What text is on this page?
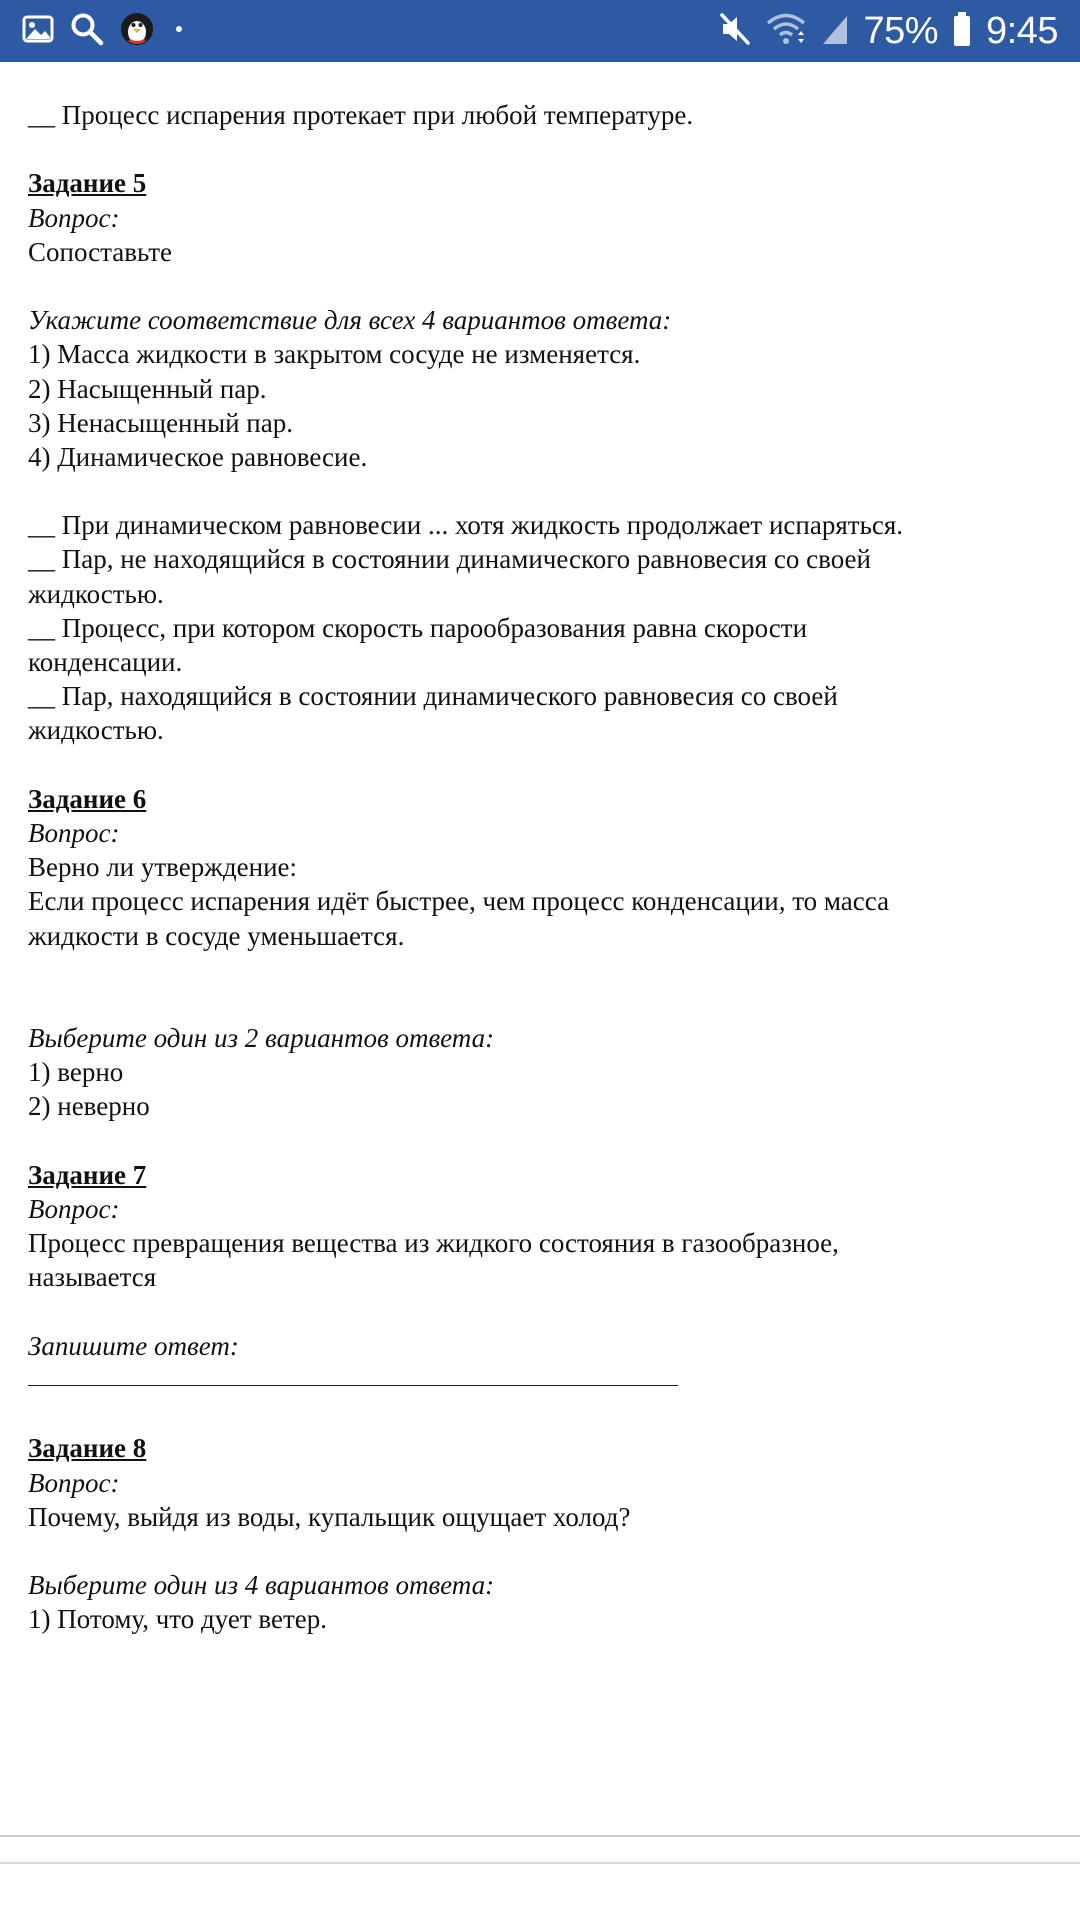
75% 9:45
__ Процесс испарения протекает при любой температуре.
Задание 5
Вопрос:
Сопоставьте
Укажите соответствие для всех 4 вариантов ответа:
1) Масса жидкости в закрытом сосуде не изменяется.
2) Насыщенный пар.
3) Ненасыщенный пар.
4) Динамическое равновесие.
__ При динамическом равновесии ... хотя жидкость продолжает испаряться.
__ Пар, не находящийся в состоянии динамического равновесия со своей
жидкостью.
__ Процесс, при котором скорость парообразования равна скорости
конденсации.
__ Пар, находящийся в состоянии динамического равновесия со своей
жидкостью.
Задание 6
Вопрос:
Верно ли утверждение:
Если процесс испарения идёт быстрее, чем процесс конденсации, то масса
жидкости в сосуде уменьшается.
Выберите один из 2 вариантов ответа:
1) верно
2) неверно
Задание 7
Вопрос:
Процесс превращения вещества из жидкого состояния в газообразное,
называется
Запишите ответ:
Задание 8
Вопрос:
Почему, выйдя из воды, купальщик ощущает холод?
Выберите один из 4 вариантов ответа:
1) Потому, что дует ветер.
